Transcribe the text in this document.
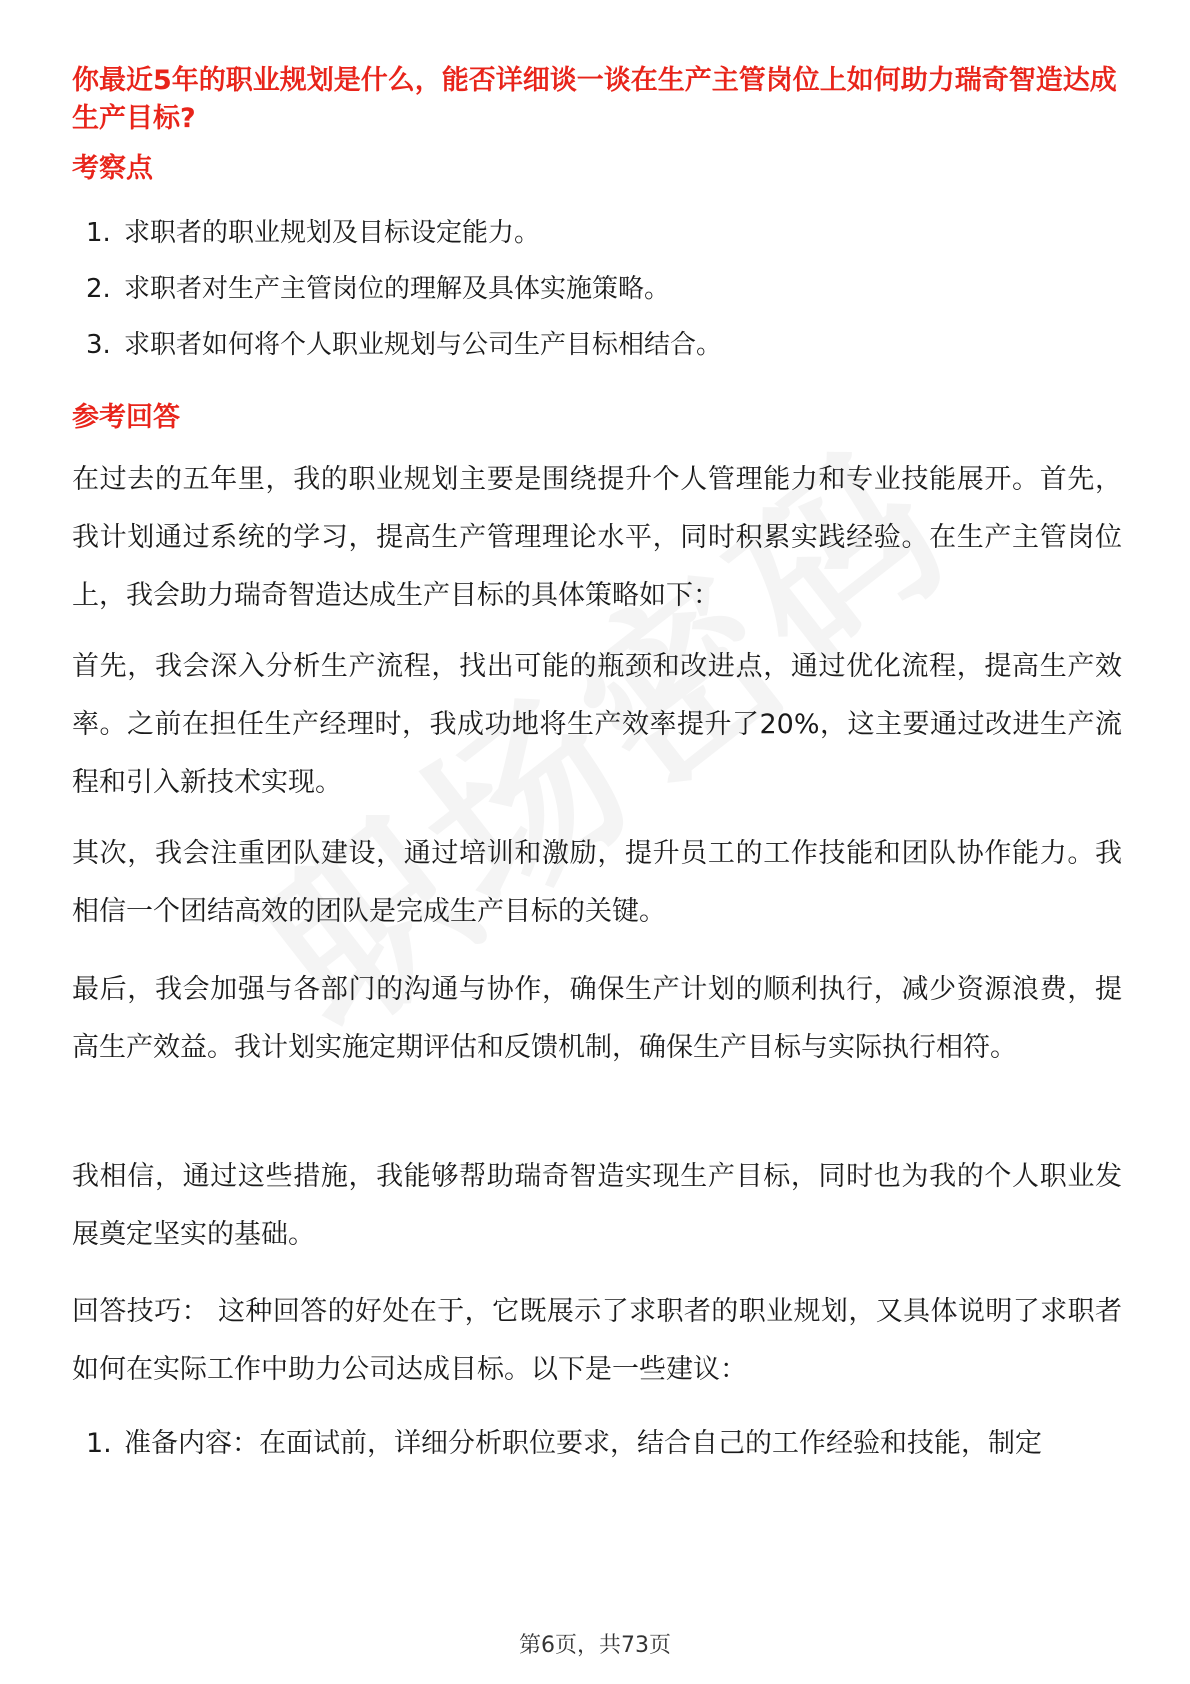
你最近5年的职业规划是什么，能否详细谈一谈在生产主管岗位上如何助力瑞奇智造达成生产目标?
考察点
1. 求职者的职业规划及目标设定能力。
2. 求职者对生产主管岗位的理解及具体实施策略。
3. 求职者如何将个人职业规划与公司生产目标相结合。
参考回答

在过去的五年里，我的职业规划主要是围绕提升个人管理能力和专业技能展开。首先，我计划通过系统的学习，提高生产管理理论水平，同时积累实践经验。在生产主管岗位上，我会助力瑞奇智造达成生产目标的具体策略如下：

首先，我会深入分析生产流程，找出可能的瓶颈和改进点，通过优化流程，提高生产效率。之前在担任生产经理时，我成功地将生产效率提升了20%，这主要通过改进生产流程和引入新技术实现。

其次，我会注重团队建设，通过培训和激励，提升员工的工作技能和团队协作能力。我相信一个团结高效的团队是完成生产目标的关键。

最后，我会加强与各部门的沟通与协作，确保生产计划的顺利执行，减少资源浪费，提高生产效益。我计划实施定期评估和反馈机制，确保生产目标与实际执行相符。

我相信，通过这些措施，我能够帮助瑞奇智造实现生产目标，同时也为我的个人职业发展奠定坚实的基础。

回答技巧： 这种回答的好处在于，它既展示了求职者的职业规划，又具体说明了求职者如何在实际工作中助力公司达成目标。以下是一些建议：

1. 准备内容：在面试前，详细分析职位要求，结合自己的工作经验和技能，制定
第6页，共73页
